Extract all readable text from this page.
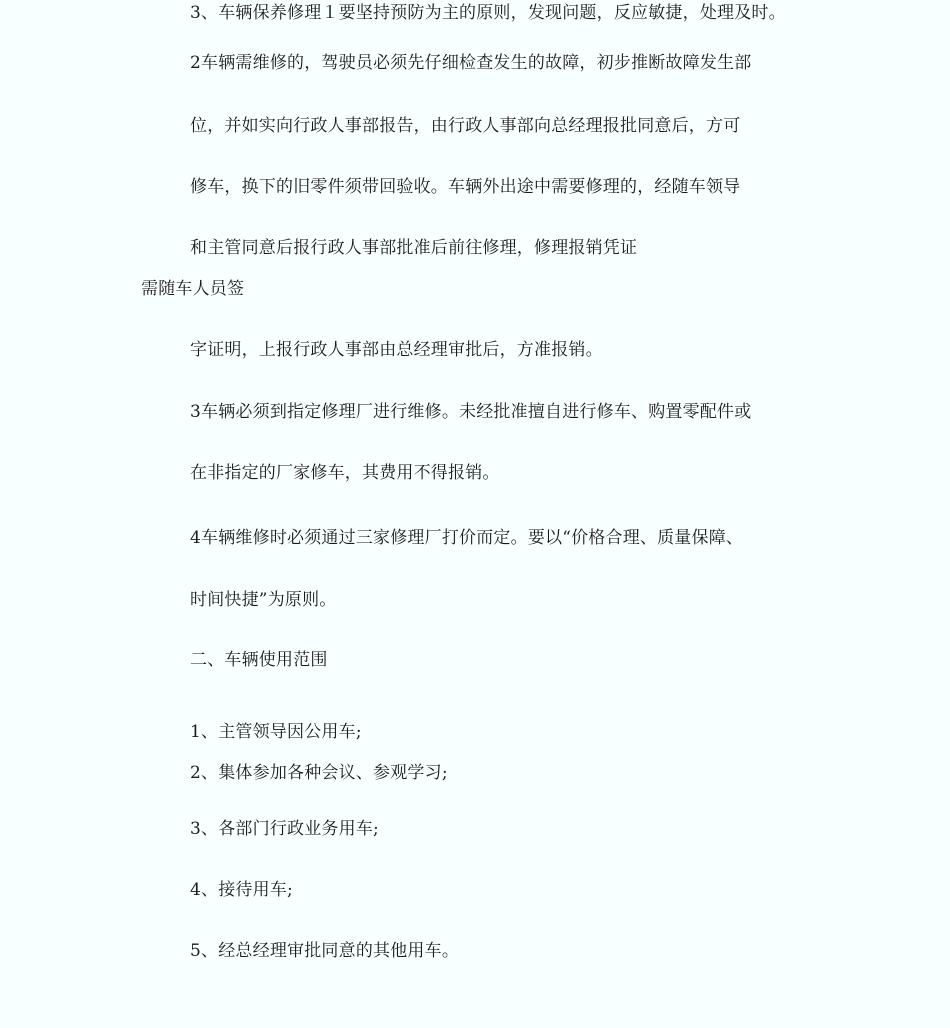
3、车辆保养修理１要坚持预防为主的原则，发现问题，反应敏捷，处理及时。
2车辆需维修的，驾驶员必须先仔细检查发生的故障，初步推断故障发生部
位，并如实向行政人事部报告，由行政人事部向总经理报批同意后，方可
修车，换下的旧零件须带回验收。车辆外出途中需要修理的，经随车领导
和主管同意后报行政人事部批准后前往修理，修理报销凭证
需随车人员签
字证明，上报行政人事部由总经理审批后，方准报销。
3车辆必须到指定修理厂进行维修。未经批准擅自进行修车、购置零配件或
在非指定的厂家修车，其费用不得报销。
4车辆维修时必须通过三家修理厂打价而定。要以“价格合理、质量保障、
时间快捷”为原则。
二、车辆使用范围
1、主管领导因公用车;
2、集体参加各种会议、参观学习;
3、各部门行政业务用车;
4、接待用车;
5、经总经理审批同意的其他用车。
